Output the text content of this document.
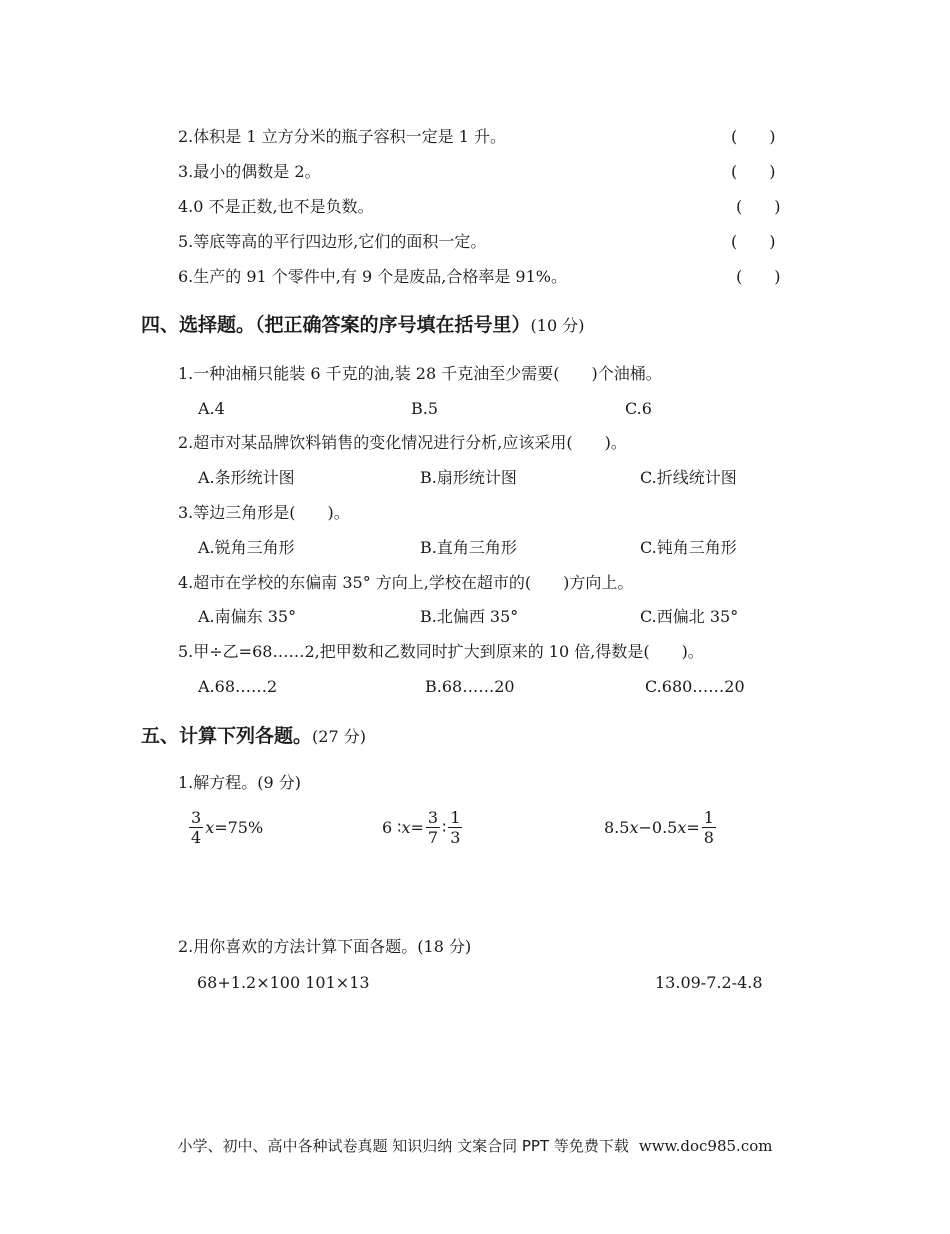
2.体积是 1 立方分米的瓶子容积一定是 1 升。	(　　)
3.最小的偶数是 2。	(　　)
4.0 不是正数,也不是负数。	(　　)
5.等底等高的平行四边形,它们的面积一定。	(　　)
6.生产的 91 个零件中,有 9 个是废品,合格率是 91%。	(　　)
四、选择题。（把正确答案的序号填在括号里）(10 分)
1.一种油桶只能装 6 千克的油,装 28 千克油至少需要(　　)个油桶。
A.4	B.5	C.6
2.超市对某品牌饮料销售的变化情况进行分析,应该采用(　　)。
A.条形统计图	B.扇形统计图	C.折线统计图
3.等边三角形是(　　)。
A.锐角三角形	B.直角三角形	C.钝角三角形
4.超市在学校的东偏南 35° 方向上,学校在超市的(　　)方向上。
A.南偏东 35°	B.北偏西 35°	C.西偏北 35°
5.甲÷乙=68……2,把甲数和乙数同时扩大到原来的 10 倍,得数是(　　)。
A.68……2	B.68……20	C.680……20
五、计算下列各题。(27 分)
1.解方程。(9 分)
$\frac{3}{4}$ x =75%	6 ∶ $x = \frac{3}{7}$ ∶ $\frac{1}{3}$	8.5 x −0.5 $x = \frac{1}{8}$
2.用你喜欢的方法计算下面各题。(18 分)
68+1.2×100 101×13	13.09-7.2-4.8
小学、初中、高中各种试卷真题 知识归纳 文案合同 PPT 等免费下载 www.doc985.com
